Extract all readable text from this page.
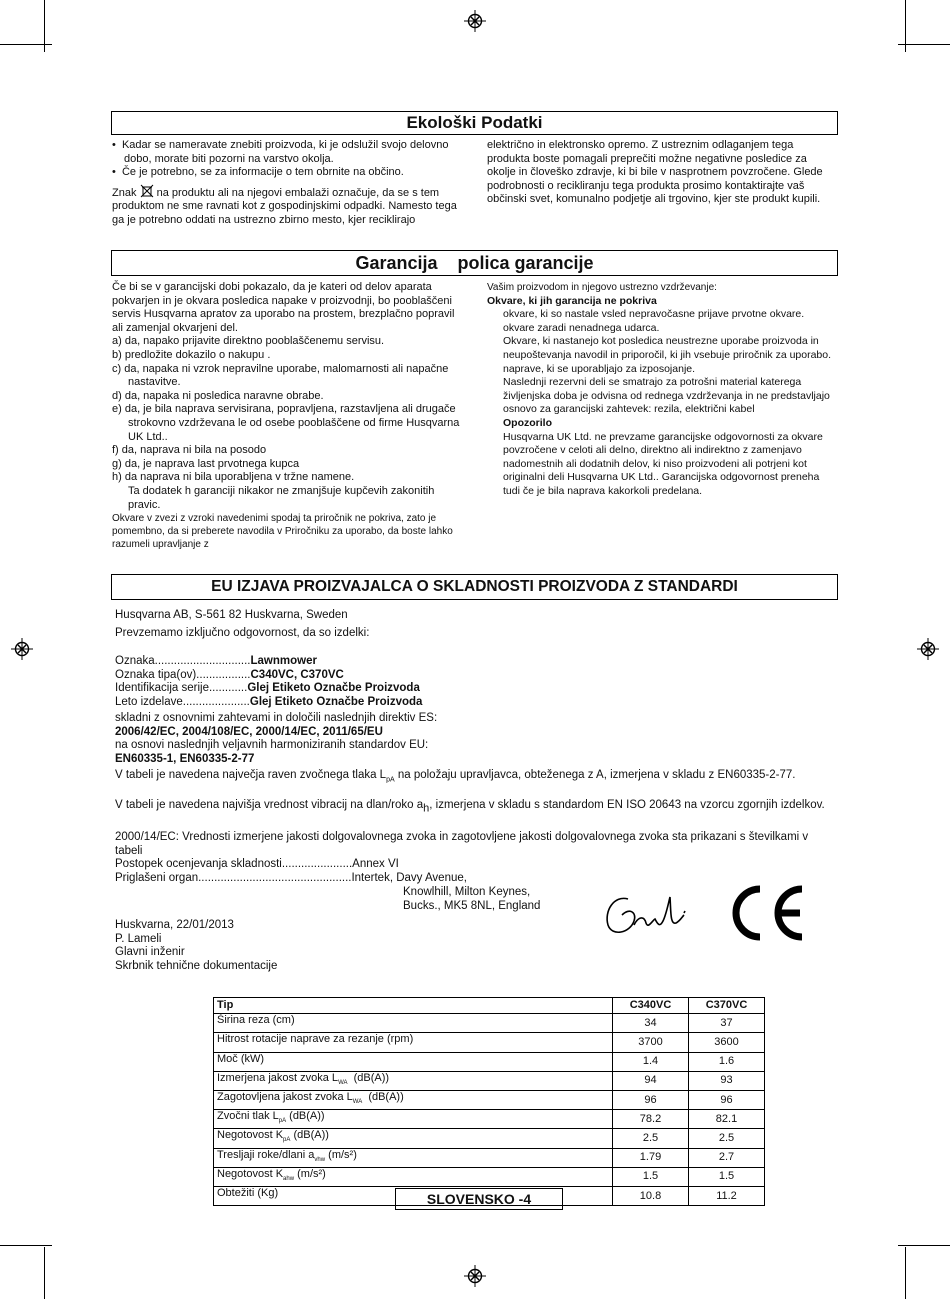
Ekološki Podatki

•  Kadar se nameravate znebiti proizvoda, ki je odslužil svojo delovno dobo, morate biti pozorni na varstvo okolja.

•  Če je potrebno, se za informacije o tem obrnite na občino.

Znak na produktu ali na njegovi embalaži označuje, da se s tem produktom ne sme ravnati kot z gospodinjskimi odpadki. Namesto tega ga je potrebno oddati na ustrezno zbirno mesto, kjer reciklirajo

električno in elektronsko opremo. Z ustreznim odlaganjem tega produkta boste pomagali preprečiti možne negativne posledice za okolje in človeško zdravje, ki bi bile v nasprotnem povzročene. Glede podrobnosti o recikliranju tega produkta prosimo kontaktirajte vaš občinski svet, komunalno podjetje ali trgovino, kjer ste produkt kupili.

Garancija    polica garancije

Če bi se v garancijski dobi pokazalo, da je kateri od delov aparata pokvarjen in je okvara posledica napake v proizvodnji, bo pooblaščeni servis Husqvarna apratov za uporabo na prostem, brezplačno popravil ali zamenjal okvarjeni del.

a) da, napako prijavite direktno pooblaščenemu servisu.

b) predložite dokazilo o nakupu .

c) da, napaka ni vzrok nepravilne uporabe, malomarnosti ali napačne nastavitve.

d) da, napaka ni posledica naravne obrabe.

e) da, je bila naprava servisirana, popravljena, razstavljena ali drugače strokovno vzdrževana le od osebe pooblaščene od firme Husqvarna UK Ltd..

f) da, naprava ni bila na posodo

g) da, je naprava last prvotnega kupca

h) da naprava ni bila uporabljena v tržne namene.

Ta dodatek h garanciji nikakor ne zmanjšuje kupčevih zakonitih pravic.

Okvare v zvezi z vzroki navedenimi spodaj ta priročnik ne pokriva, zato je pomembno, da si preberete navodila v Priročniku za uporabo, da boste lahko razumeli upravljanje z

Vašim proizvodom in njegovo ustrezno vzdrževanje:

Okvare, ki jih garancija ne pokriva

okvare, ki so nastale vsled nepravočasne prijave prvotne okvare.

okvare zaradi nenadnega udarca.

Okvare, ki nastanejo kot posledica neustrezne uporabe proizvoda in neupoštevanja navodil in priporočil, ki jih vsebuje priročnik za uporabo.

naprave, ki se uporabljajo za izposojanje.

Naslednji rezervni deli se smatrajo za potrošni material katerega življenjska doba je odvisna od rednega vzdrževanja in ne predstavljajo osnovo za garancijski zahtevek: rezila, električni kabel

Opozorilo

Husqvarna UK Ltd. ne prevzame garancijske odgovornosti za okvare povzročene v celoti ali delno, direktno ali indirektno z zamenjavo nadomestnih ali dodatnih delov, ki niso proizvodeni ali potrjeni kot originalni deli Husqvarna UK Ltd.. Garancijska odgovornost preneha tudi če je bila naprava kakorkoli predelana.

EU IZJAVA PROIZVAJALCA O SKLADNOSTI PROIZVODA Z STANDARDI
Husqvarna AB, S-561 82 Huskvarna, Sweden
Prevzemamo izključno odgovornost, da so izdelki:

Oznaka..............................Lawnmower

Oznaka tipa(ov).................C340VC, C370VC

Identifikacija serije............Glej Etiketo Označbe Proizvoda

Leto izdelave.....................Glej Etiketo Označbe Proizvoda

skladni z osnovnimi zahtevami in določili naslednjih direktiv ES:

2006/42/EC, 2004/108/EC, 2000/14/EC, 2011/65/EU

na osnovi naslednjih veljavnih harmoniziranih standardov EU:

EN60335-1, EN60335-2-77

V tabeli je navedena največja raven zvočnega tlaka $L_{pA}$ na položaju upravljavca, obteženega z A, izmerjena v skladu z EN60335-2-77.
V tabeli je navedena najvišja vrednost vibracij na dlan/roko $a_h$, izmerjena v skladu s standardom EN ISO 20643 na vzorcu zgornjih izdelkov.
2000/14/EC: Vrednosti izmerjene jakosti dolgovalovnega zvoka in zagotovljene jakosti dolgovalovnega zvoka sta prikazani s številkami v tabeli
Postopek ocenjevanja skladnosti......................Annex VI
Priglašeni organ................................................Intertek, Davy Avenue,
Knowlhill, Milton Keynes,
Bucks., MK5 8NL, England

Huskvarna, 22/01/2013

P. Lameli

Glavni inženir

Skrbnik tehnične dokumentacije

Tip	C340VC	C370VC
Širina reza (cm)	34	37
Hitrost rotacije naprave za rezanje (rpm)	3700	3600
Moč (kW)	1.4	1.6
Izmerjena jakost zvoka $L_{WA}$  (dB(A))	94	93
Zagotovljena jakost zvoka $L_{WA}$  (dB(A))	96	96
Zvočni tlak $L_{pA}$ (dB(A))	78.2	82.1
Negotovost $K_{pA}$ (dB(A))	2.5	2.5
Tresljaji roke/dlani $a_{vhw}$ (m/s²)	1.79	2.7
Negotovost $K_{ahw}$ (m/s²)	1.5	1.5
Obtežiti (Kg)	10.8	11.2
SLOVENSKO -4
